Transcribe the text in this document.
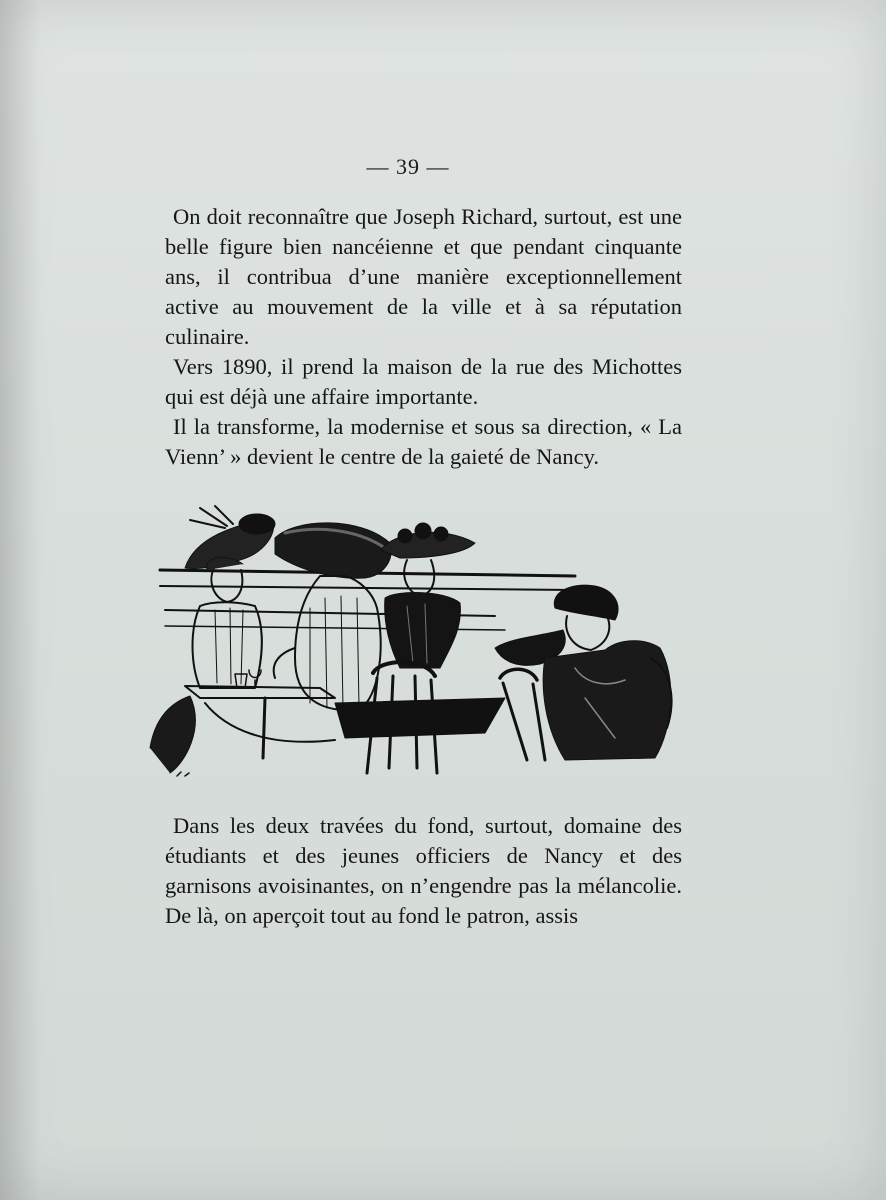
— 39 —

On doit reconnaître que Joseph Richard, surtout, est une belle figure bien nancéienne et que pendant cinquante ans, il contribua d’une manière exceptionnellement active au mouvement de la ville et à sa réputation culinaire.

Vers 1890, il prend la maison de la rue des Michottes qui est déjà une affaire importante.

Il la transforme, la modernise et sous sa direction, « La Vienn’ » devient le centre de la gaieté de Nancy.

Dans les deux travées du fond, surtout, domaine des étudiants et des jeunes officiers de Nancy et des garnisons avoisinantes, on n’engendre pas la mélancolie. De là, on aperçoit tout au fond le patron, assis
